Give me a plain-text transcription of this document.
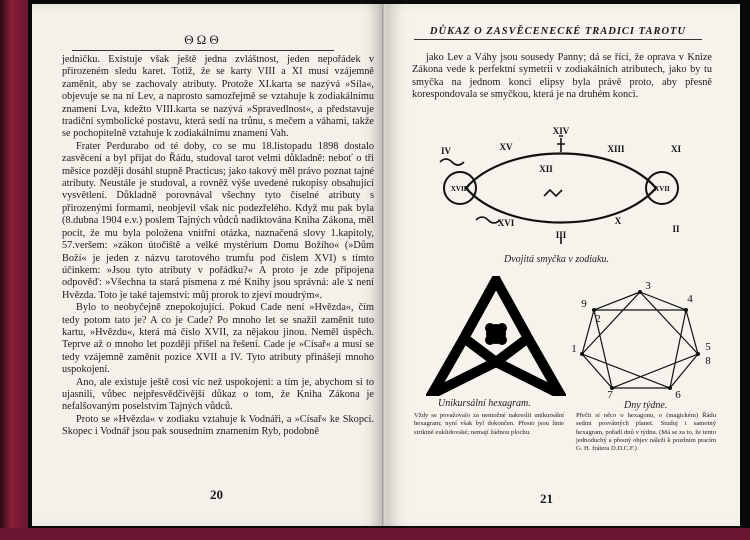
ΘΩΘ

jedničku. Existuje však ještě jedna zvláštnost, jeden nepořádek v přirozeném sledu karet. Totiž, že se karty VIII a XI musí vzájemně zaměnit, aby se zachovaly atributy. Protože XI.karta se nazývá »Síla«, objevuje se na ní Lev, a naprosto samozřejmě se vztahuje k zodiakálnímu znamení Lva, kdežto VIII.karta se nazývá »Spravedlnost«, a představuje tradiční symbolické postavu, která sedí na trůnu, s mečem a váhami, takže se pochopitelně vztahuje k zodiakálnímu znamení Vah.

Frater Perdurabo od té doby, co se mu 18.listopadu 1898 dostalo zasvěcení a byl přijat do Řádu, studoval tarot velmi důkladně: neboť o tři měsíce později dosáhl stupně Practicus; jako takový měl právo poznat tajné atributy. Neustále je studoval, a rovněž výše uvedené rukopisy obsahující vysvětlení. Důkladně porovnával všechny tyto číselné atributy s přirozenými formami, neobjevil však nic podezřelého. Když mu pak byla (8.dubna 1904 e.v.) poslem Tajných vůdců nadiktována Kniha Zákona, měl pocit, že mu byla položena vnitřní otázka, naznačená slovy 1.kapitoly, 57.veršem: »zákon útočiště a velké mystérium Domu Božího« (»Dům Boží« je jeden z názvu tarotového trumfu pod číslem XVI) s tímto účinkem: »Jsou tyto atributy v pořádku?« A proto je zde připojena odpověď: »Všechna ta stará písmena z mé Knihy jsou správná: ale צ není Hvězda. Toto je také tajemství: můj prorok to zjeví moudrým«.

Bylo to neobyčejně znepokojující. Pokud Cade není »Hvězda«, čím tedy potom tato je? A co je Cade? Po mnoho let se snažil zaměnit tuto kartu, »Hvězdu«, která má číslo XVII, za nějakou jinou. Neměl úspěch. Teprve až o mnoho let později přišel na řešení. Cade je »Císař« a musí se tedy vzájemně zaměnit pozice XVII a IV. Tyto atributy přinášejí mnoho uspokojení.

Ano, ale existuje ještě cosi víc než uspokojení: a tím je, abychom si to ujasnili, vůbec nejpřesvědčivější důkaz o tom, že Kniha Zákona je nefalšovaným poselstvím Tajných vůdců.

Proto se »Hvězda« v zodiaku vztahuje k Vodnáři, a »Císař« ke Skopci. Skopec i Vodnář jsou pak sousedním znamením Ryb, podobně

20
DŮKAZ O ZASVĚCENECKÉ TRADICI TAROTU

jako Lev a Váhy jsou sousedy Panny; dá se říci, že oprava v Knize Zákona vede k perfektní symetrii v zodiakálních atributech, jako by tu smyčka na jednom konci elipsy byla právě proto, aby přesně korespondovala se smyčkou, která je na druhém konci.

XIV
XV	XIII
IV
XII
XI
XVIII	XVII
XVI	X
III
II
Dvojitá smyčka v zodiaku.
Unikursální hexagram.
Vždy se považovalo za nemožné nakreslit unikursální hexagram; nyní však byl dokončen. Přesto jsou linie striktně euklidovské; nemají žádnou plochu.
3
4
9
2
5
1
6
7
8
Dny týdne.
Přečti si něco o hexagonu, o (magickém) Řádu sedmi posvátných planet. Studuj i samotný hexagram, pořadí dnů v týdnu. (Má se za to, že tento jednoduchý a přesný objev náleží k pozdním pracím G. H. frátera D.D.C.F.)
21
